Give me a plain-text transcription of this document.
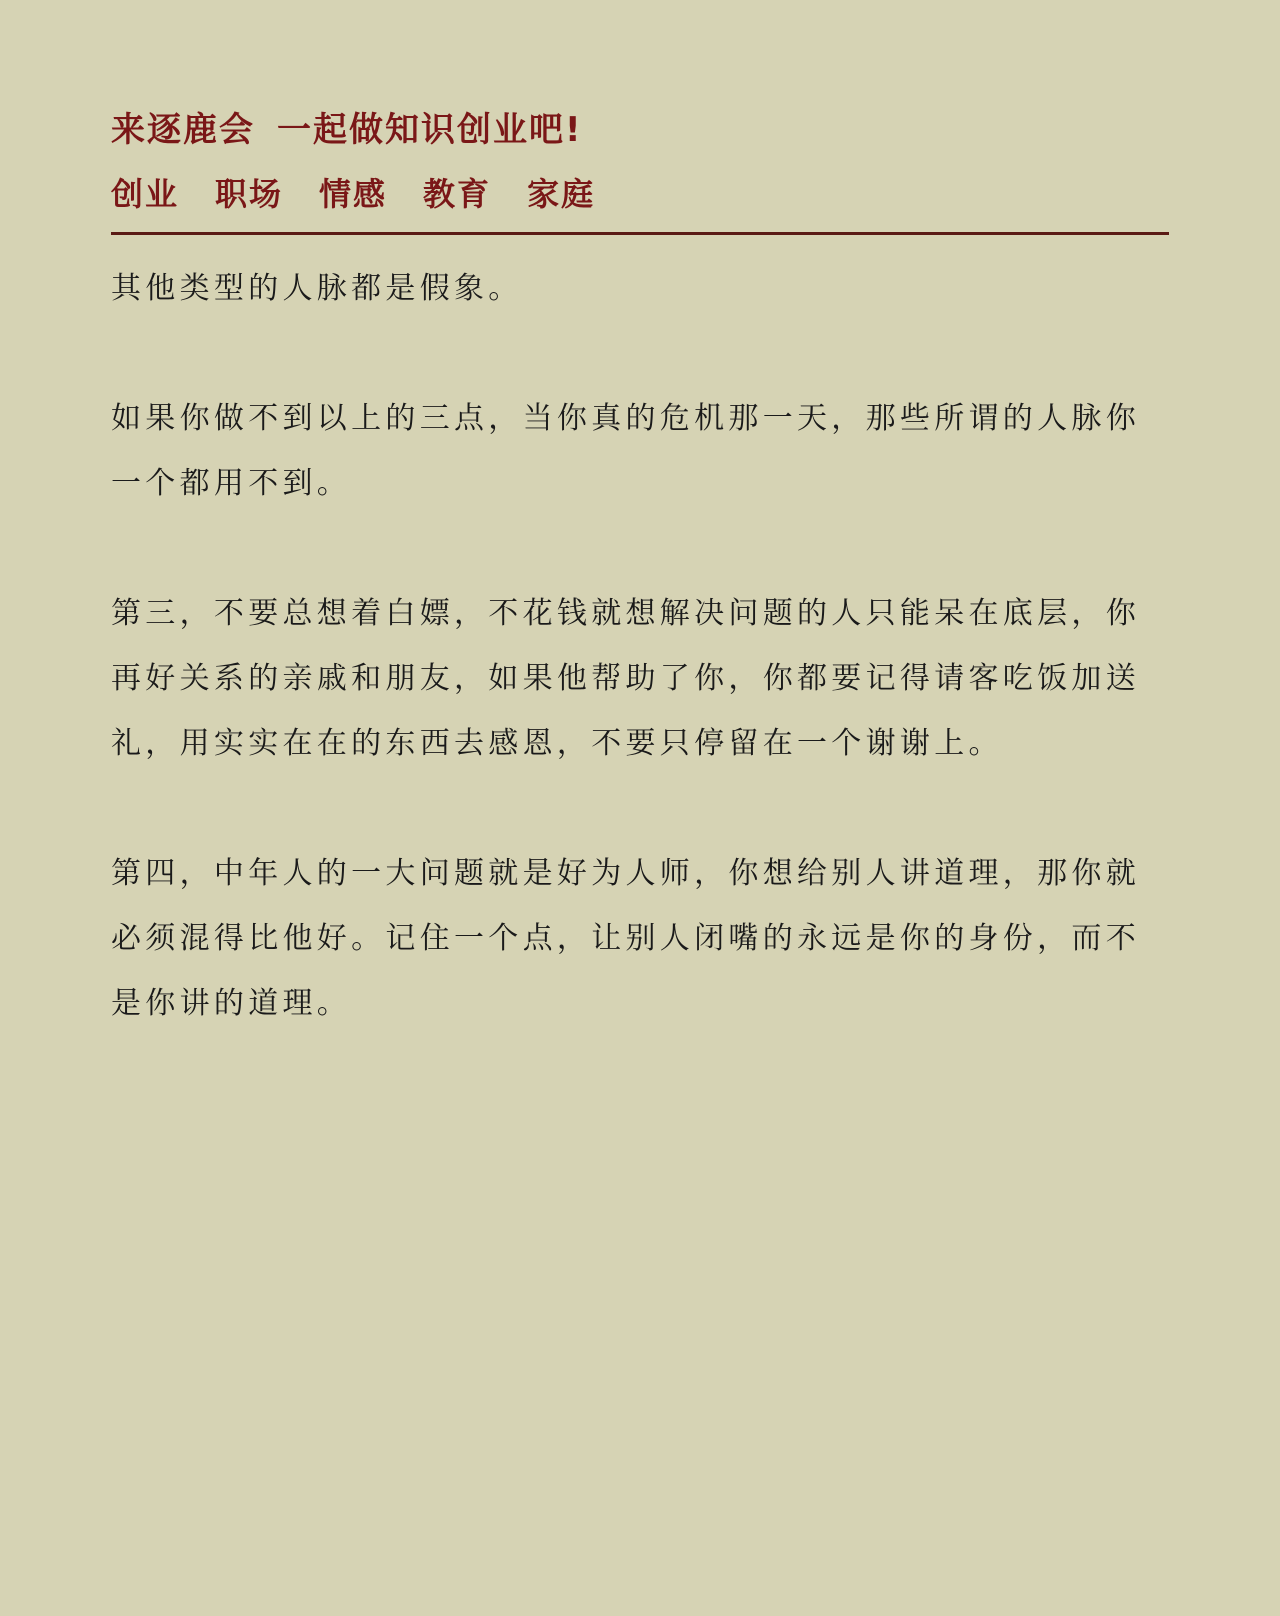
来逐鹿会 一起做知识创业吧!
创业 职场 情感 教育 家庭

其他类型的人脉都是假象。

如果你做不到以上的三点，当你真的危机那一天，那些所谓的人脉你一个都用不到。

第三，不要总想着白嫖，不花钱就想解决问题的人只能呆在底层，你再好关系的亲戚和朋友，如果他帮助了你，你都要记得请客吃饭加送礼，用实实在在的东西去感恩，不要只停留在一个谢谢上。

第四，中年人的一大问题就是好为人师，你想给别人讲道理，那你就必须混得比他好。记住一个点，让别人闭嘴的永远是你的身份，而不是你讲的道理。
